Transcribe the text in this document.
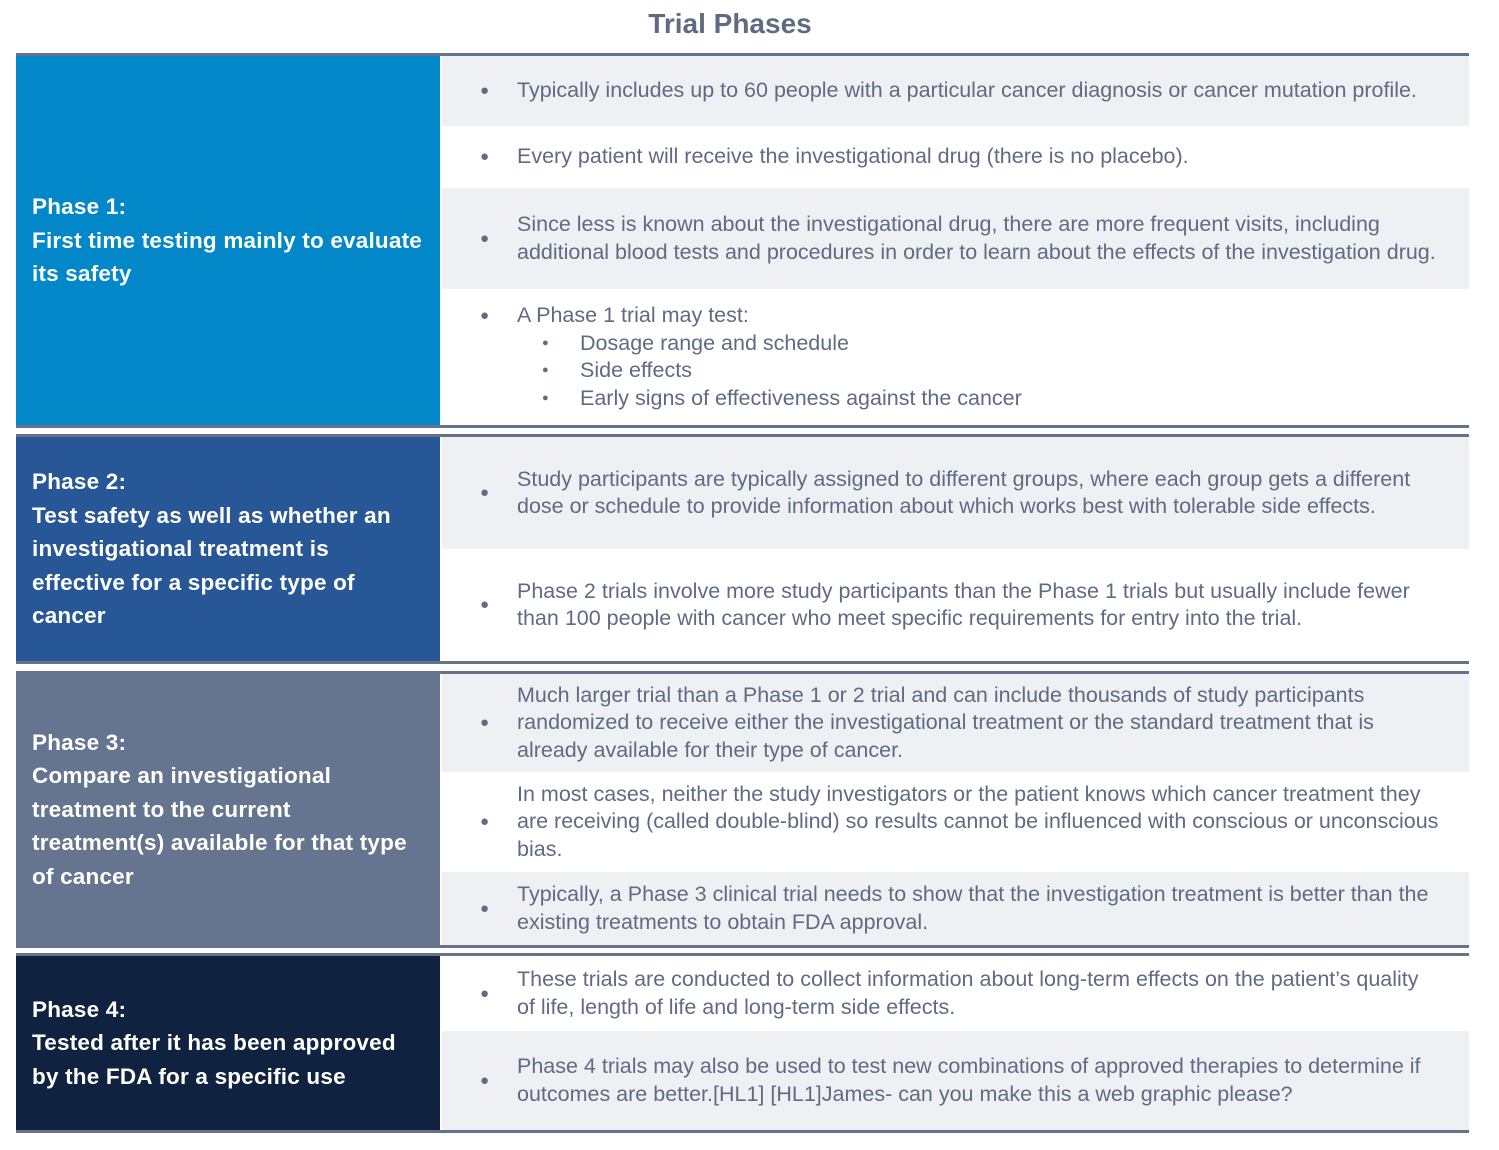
Trial Phases
Phase 1:
First time testing mainly to evaluate its safety
● Typically includes up to 60 people with a particular cancer diagnosis or cancer mutation profile.
● Every patient will receive the investigational drug (there is no placebo).
●
Since less is known about the investigational drug, there are more frequent visits, including additional blood tests and procedures in order to learn about the effects of the investigation drug.
● A Phase 1 trial may test:
● Dosage range and schedule
● Side effects
● Early signs of effectiveness against the cancer
Phase 2:
Test safety as well as whether an investigational treatment is effective for a specific type of cancer
●
Study participants are typically assigned to different groups, where each group gets a different dose or schedule to provide information about which works best with tolerable side effects.
●
Phase 2 trials involve more study participants than the Phase 1 trials but usually include fewer than 100 people with cancer who meet specific requirements for entry into the trial.
Phase 3:
Compare an investigational treatment to the current treatment(s) available for that type of cancer
●
Much larger trial than a Phase 1 or 2 trial and can include thousands of study participants randomized to receive either the investigational treatment or the standard treatment that is already available for their type of cancer.
●
In most cases, neither the study investigators or the patient knows which cancer treatment they are receiving (called double-blind) so results cannot be influenced with conscious or unconscious bias.
●
Typically, a Phase 3 clinical trial needs to show that the investigation treatment is better than the existing treatments to obtain FDA approval.
Phase 4:
Tested after it has been approved by the FDA for a specific use
●
These trials are conducted to collect information about long-term effects on the patient’s quality of life, length of life and long-term side effects.
●
Phase 4 trials may also be used to test new combinations of approved therapies to determine if outcomes are better.[HL1] [HL1]James- can you make this a web graphic please?
